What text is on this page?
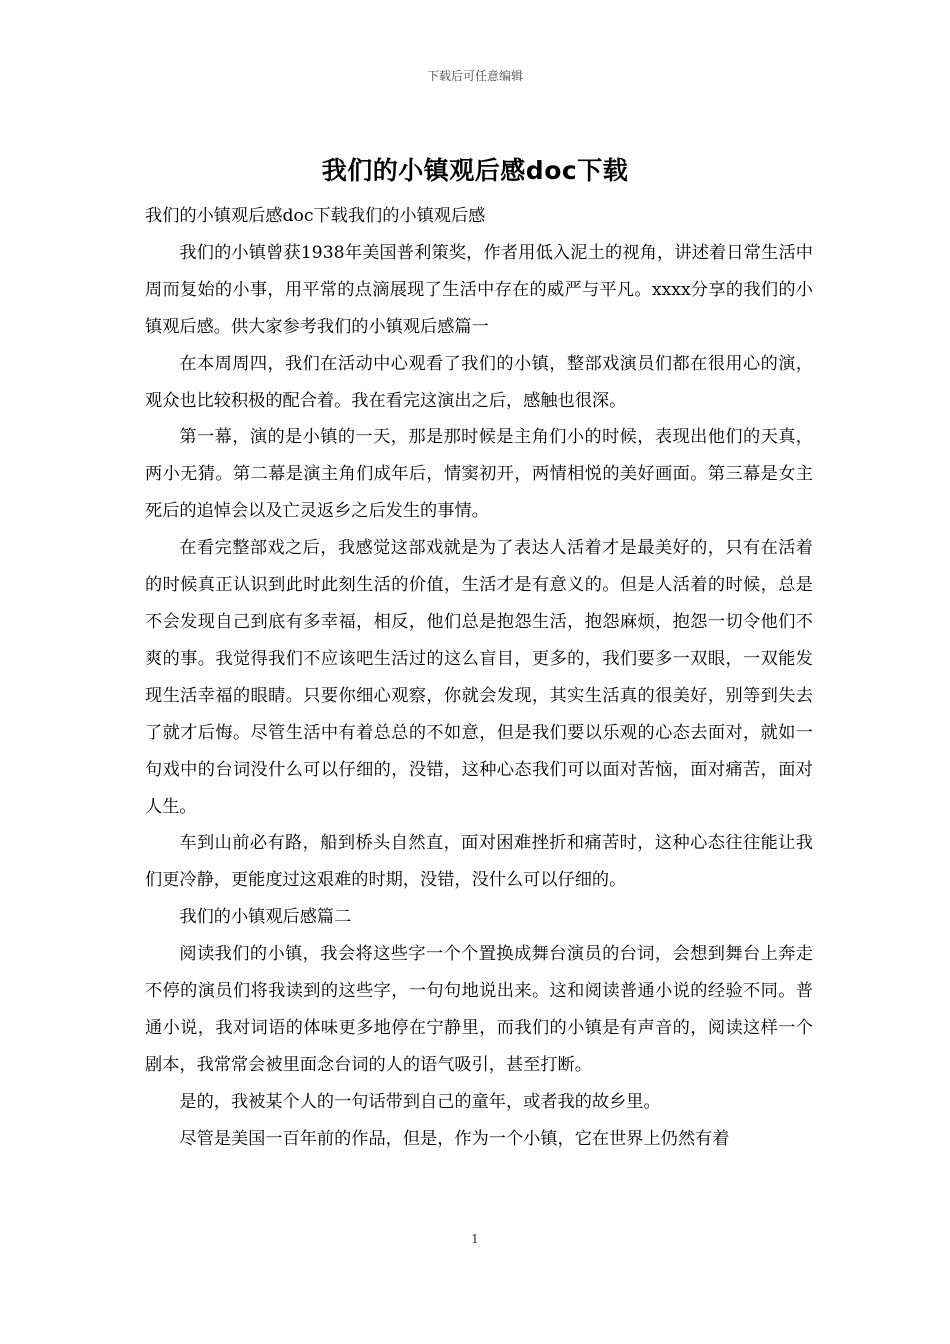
下载后可任意编辑
我们的小镇观后感doc下载

我们的小镇观后感doc下载我们的小镇观后感

我们的小镇曾获1938年美国普利策奖，作者用低入泥土的视角，讲述着日常生活中周而复始的小事，用平常的点滴展现了生活中存在的威严与平凡。xxxx分享的我们的小镇观后感。供大家参考我们的小镇观后感篇一

在本周周四，我们在活动中心观看了我们的小镇，整部戏演员们都在很用心的演，观众也比较积极的配合着。我在看完这演出之后，感触也很深。

第一幕，演的是小镇的一天，那是那时候是主角们小的时候，表现出他们的天真，两小无猜。第二幕是演主角们成年后，情窦初开，两情相悦的美好画面。第三幕是女主死后的追悼会以及亡灵返乡之后发生的事情。

在看完整部戏之后，我感觉这部戏就是为了表达人活着才是最美好的，只有在活着的时候真正认识到此时此刻生活的价值，生活才是有意义的。但是人活着的时候，总是不会发现自己到底有多幸福，相反，他们总是抱怨生活，抱怨麻烦，抱怨一切令他们不爽的事。我觉得我们不应该吧生活过的这么盲目，更多的，我们要多一双眼，一双能发现生活幸福的眼睛。只要你细心观察，你就会发现，其实生活真的很美好，别等到失去了就才后悔。尽管生活中有着总总的不如意，但是我们要以乐观的心态去面对，就如一句戏中的台词没什么可以仔细的，没错，这种心态我们可以面对苦恼，面对痛苦，面对人生。

车到山前必有路，船到桥头自然直，面对困难挫折和痛苦时，这种心态往往能让我们更冷静，更能度过这艰难的时期，没错，没什么可以仔细的。

我们的小镇观后感篇二

阅读我们的小镇，我会将这些字一个个置换成舞台演员的台词，会想到舞台上奔走不停的演员们将我读到的这些字，一句句地说出来。这和阅读普通小说的经验不同。普通小说，我对词语的体味更多地停在宁静里，而我们的小镇是有声音的，阅读这样一个剧本，我常常会被里面念台词的人的语气吸引，甚至打断。

是的，我被某个人的一句话带到自己的童年，或者我的故乡里。

尽管是美国一百年前的作品，但是，作为一个小镇，它在世界上仍然有着

1
